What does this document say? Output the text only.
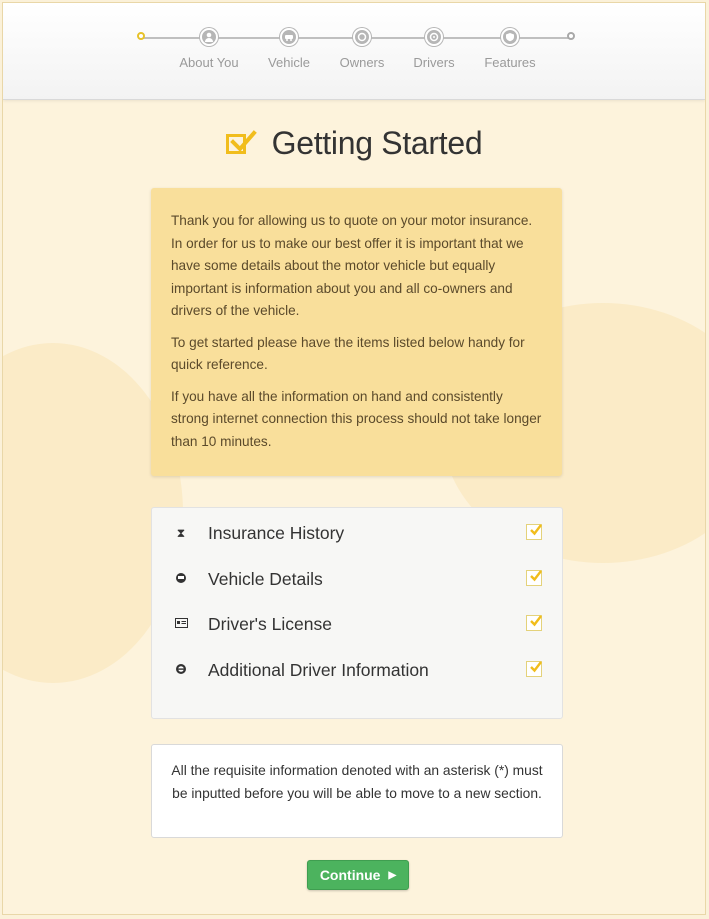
About You	Vehicle	Owners	Drivers	Features
Getting Started

Thank you for allowing us to quote on your motor insurance. In order for us to make our best offer it is important that we have some details about the motor vehicle but equally important is information about you and all co-owners and drivers of the vehicle.

To get started please have the items listed below handy for quick reference.

If you have all the information on hand and consistently strong internet connection this process should not take longer than 10 minutes.

⧗ Insurance History
Vehicle Details
Driver's License
Additional Driver Information
All the requisite information denoted with an asterisk (*) must be inputted before you will be able to move to a new section.
Continue ▶
